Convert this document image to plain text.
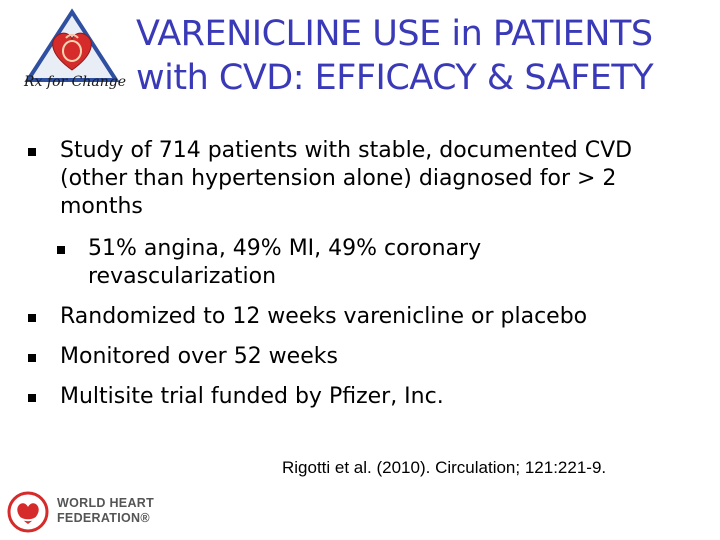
Rx for Change
VARENICLINE USE in PATIENTS
with CVD: EFFICACY & SAFETY
Study of 714 patients with stable, documented CVD (other than hypertension alone) diagnosed for > 2 months
51% angina, 49% MI, 49% coronary revascularization
Randomized to 12 weeks varenicline or placebo
Monitored over 52 weeks
Multisite trial funded by Pfizer, Inc.
Rigotti et al. (2010). Circulation; 121:221-9.
WORLD HEART
FEDERATION®
